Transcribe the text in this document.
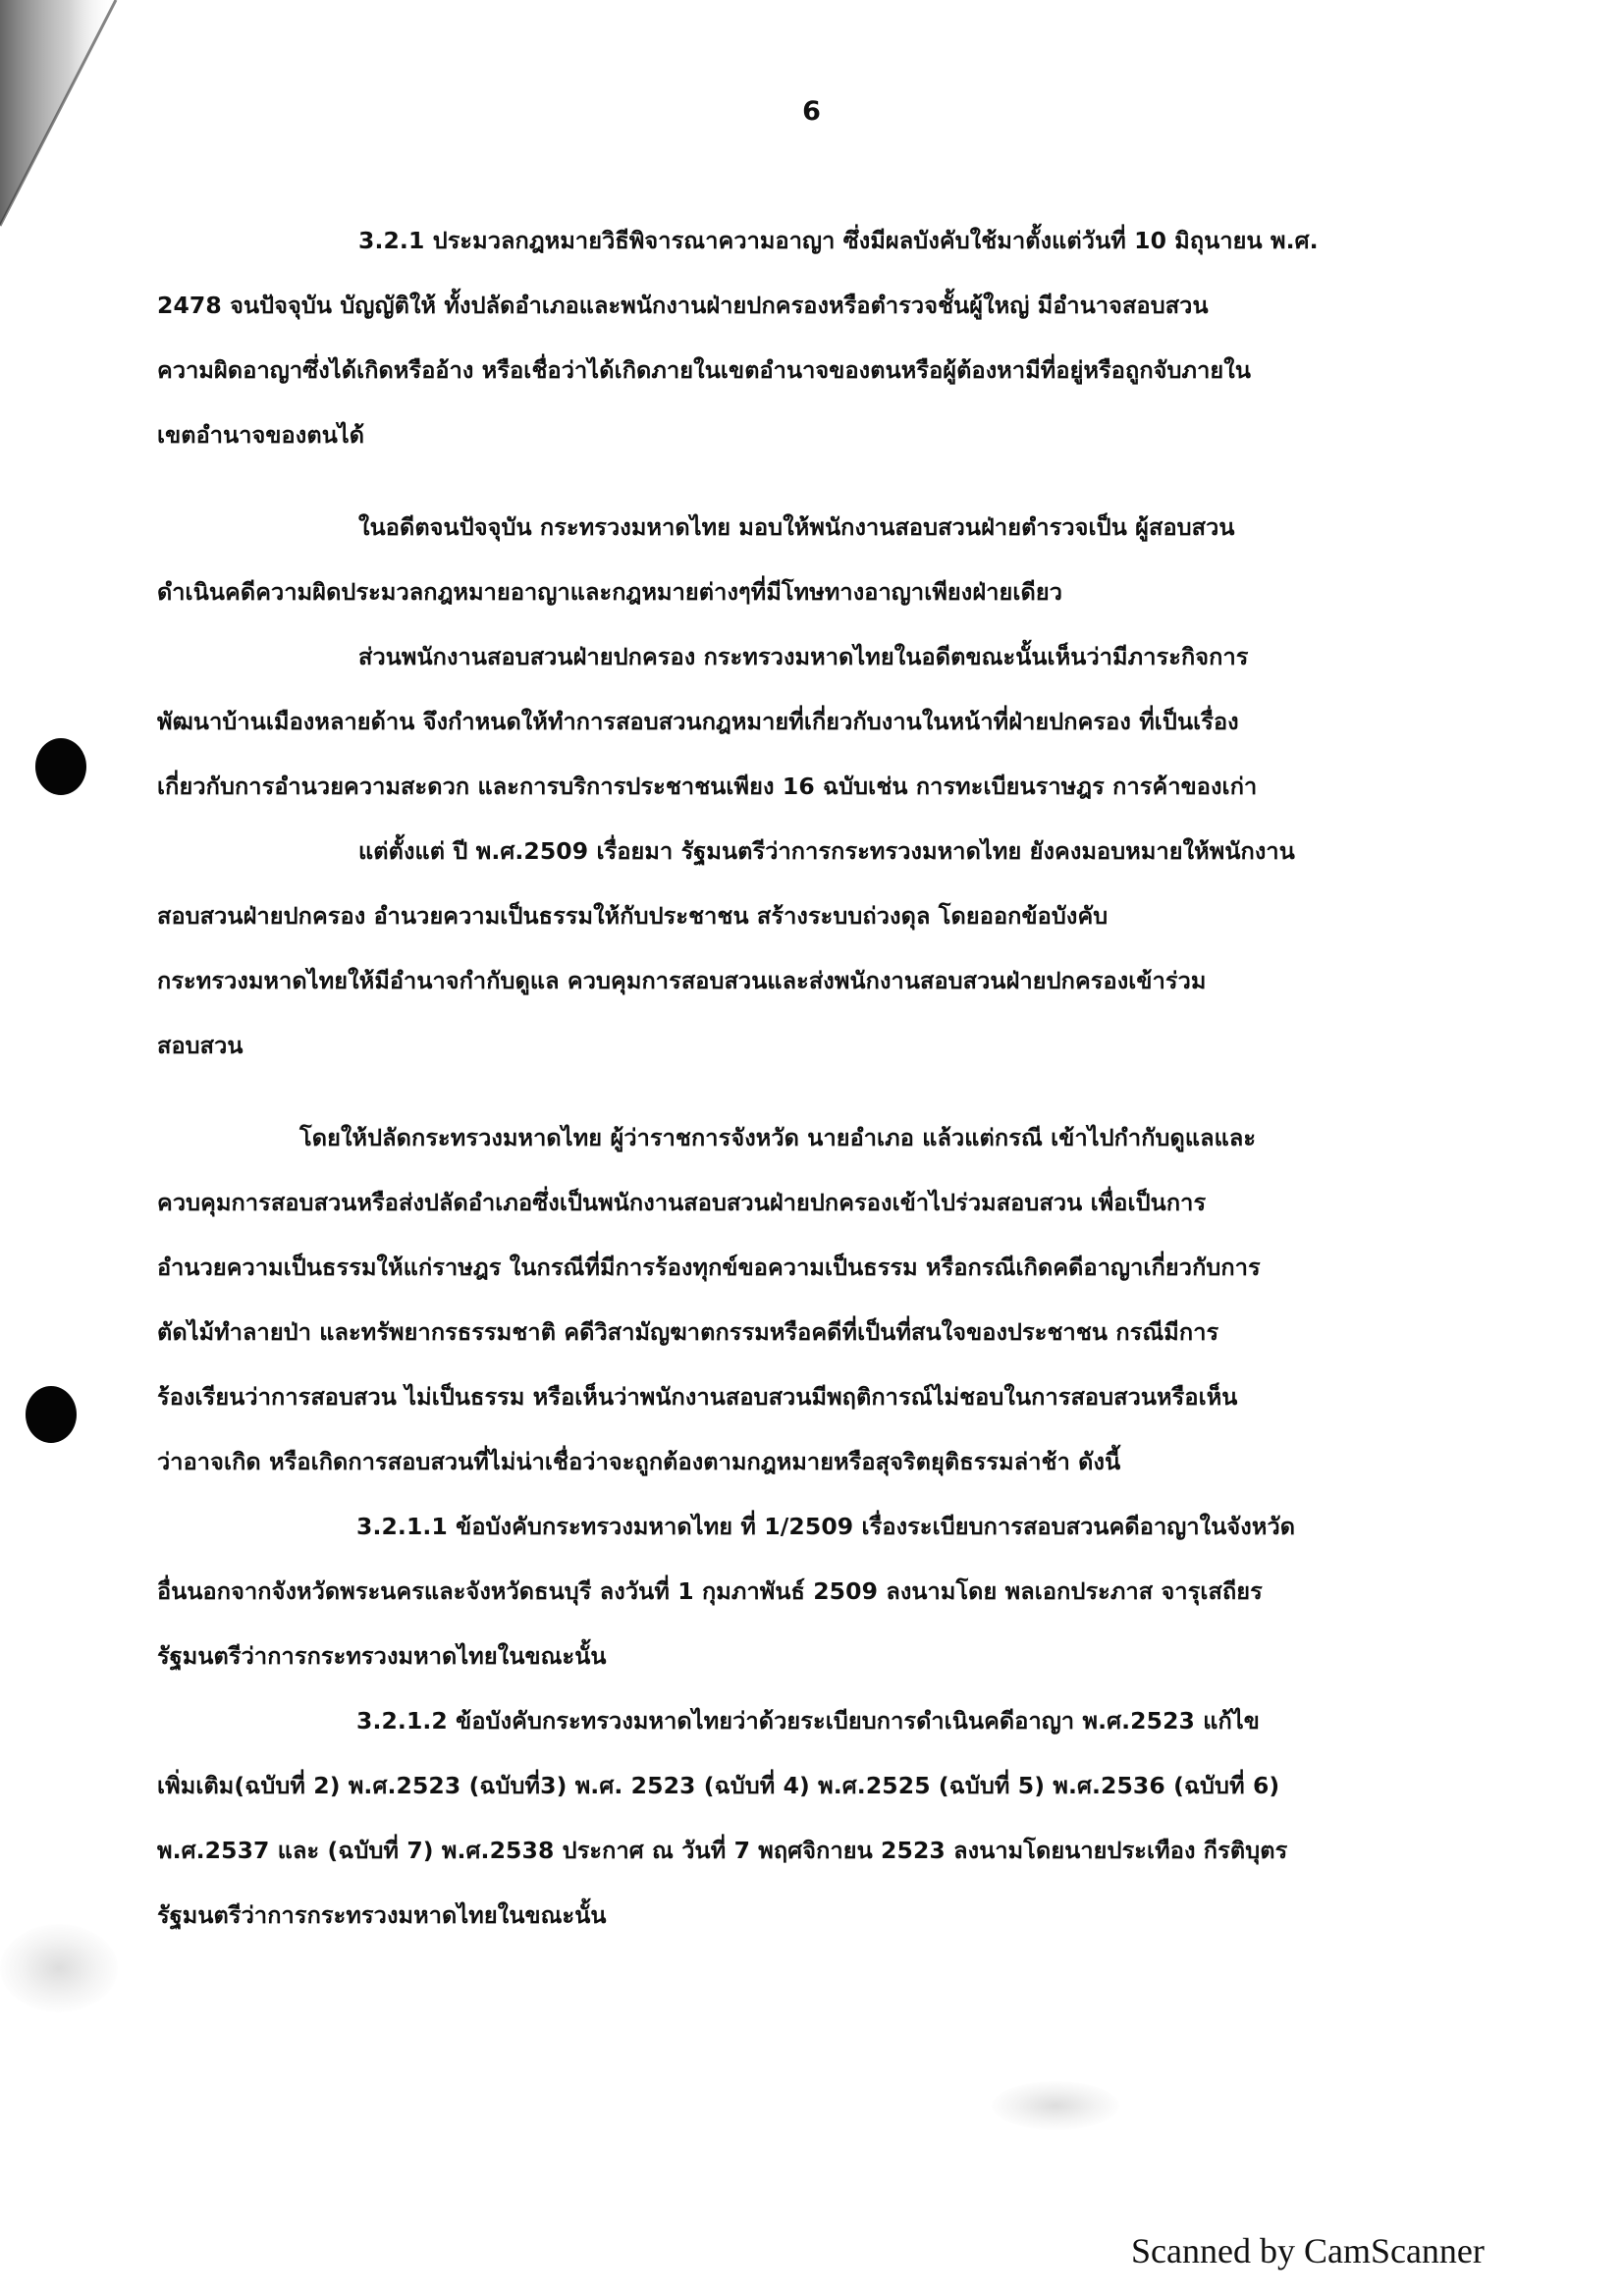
6
3.2.1 ประมวลกฎหมายวิธีพิจารณาความอาญา ซึ่งมีผลบังคับใช้มาตั้งแต่วันที่ 10 มิถุนายน พ.ศ.
2478 จนปัจจุบัน บัญญัติให้ ทั้งปลัดอำเภอและพนักงานฝ่ายปกครองหรือตำรวจชั้นผู้ใหญ่ มีอำนาจสอบสวน
ความผิดอาญาซึ่งได้เกิดหรืออ้าง หรือเชื่อว่าได้เกิดภายในเขตอำนาจของตนหรือผู้ต้องหามีที่อยู่หรือถูกจับภายใน
เขตอำนาจของตนได้
ในอดีตจนปัจจุบัน กระทรวงมหาดไทย มอบให้พนักงานสอบสวนฝ่ายตำรวจเป็น ผู้สอบสวน
ดำเนินคดีความผิดประมวลกฎหมายอาญาและกฎหมายต่างๆที่มีโทษทางอาญาเพียงฝ่ายเดียว
ส่วนพนักงานสอบสวนฝ่ายปกครอง กระทรวงมหาดไทยในอดีตขณะนั้นเห็นว่ามีภาระกิจการ
พัฒนาบ้านเมืองหลายด้าน จึงกำหนดให้ทำการสอบสวนกฎหมายที่เกี่ยวกับงานในหน้าที่ฝ่ายปกครอง ที่เป็นเรื่อง
เกี่ยวกับการอำนวยความสะดวก และการบริการประชาชนเพียง 16 ฉบับเช่น การทะเบียนราษฎร การค้าของเก่า
แต่ตั้งแต่ ปี พ.ศ.2509 เรื่อยมา รัฐมนตรีว่าการกระทรวงมหาดไทย ยังคงมอบหมายให้พนักงาน
สอบสวนฝ่ายปกครอง อำนวยความเป็นธรรมให้กับประชาชน สร้างระบบถ่วงดุล โดยออกข้อบังคับ
กระทรวงมหาดไทยให้มีอำนาจกำกับดูแล ควบคุมการสอบสวนและส่งพนักงานสอบสวนฝ่ายปกครองเข้าร่วม
สอบสวน
โดยให้ปลัดกระทรวงมหาดไทย ผู้ว่าราชการจังหวัด นายอำเภอ แล้วแต่กรณี เข้าไปกำกับดูแลและ
ควบคุมการสอบสวนหรือส่งปลัดอำเภอซึ่งเป็นพนักงานสอบสวนฝ่ายปกครองเข้าไปร่วมสอบสวน เพื่อเป็นการ
อำนวยความเป็นธรรมให้แก่ราษฎร ในกรณีที่มีการร้องทุกข์ขอความเป็นธรรม หรือกรณีเกิดคดีอาญาเกี่ยวกับการ
ตัดไม้ทำลายป่า และทรัพยากรธรรมชาติ คดีวิสามัญฆาตกรรมหรือคดีที่เป็นที่สนใจของประชาชน กรณีมีการ
ร้องเรียนว่าการสอบสวน ไม่เป็นธรรม หรือเห็นว่าพนักงานสอบสวนมีพฤติการณ์ไม่ชอบในการสอบสวนหรือเห็น
ว่าอาจเกิด หรือเกิดการสอบสวนที่ไม่น่าเชื่อว่าจะถูกต้องตามกฎหมายหรือสุจริตยุติธรรมล่าช้า ดังนี้
3.2.1.1 ข้อบังคับกระทรวงมหาดไทย ที่ 1/2509 เรื่องระเบียบการสอบสวนคดีอาญาในจังหวัด
อื่นนอกจากจังหวัดพระนครและจังหวัดธนบุรี ลงวันที่ 1 กุมภาพันธ์ 2509 ลงนามโดย พลเอกประภาส จารุเสถียร
รัฐมนตรีว่าการกระทรวงมหาดไทยในขณะนั้น
3.2.1.2 ข้อบังคับกระทรวงมหาดไทยว่าด้วยระเบียบการดำเนินคดีอาญา พ.ศ.2523 แก้ไข
เพิ่มเติม(ฉบับที่ 2) พ.ศ.2523 (ฉบับที่3) พ.ศ. 2523 (ฉบับที่ 4) พ.ศ.2525 (ฉบับที่ 5) พ.ศ.2536 (ฉบับที่ 6)
พ.ศ.2537 และ (ฉบับที่ 7) พ.ศ.2538 ประกาศ ณ วันที่ 7 พฤศจิกายน 2523 ลงนามโดยนายประเทือง กีรติบุตร
รัฐมนตรีว่าการกระทรวงมหาดไทยในขณะนั้น
Scanned by CamScanner
